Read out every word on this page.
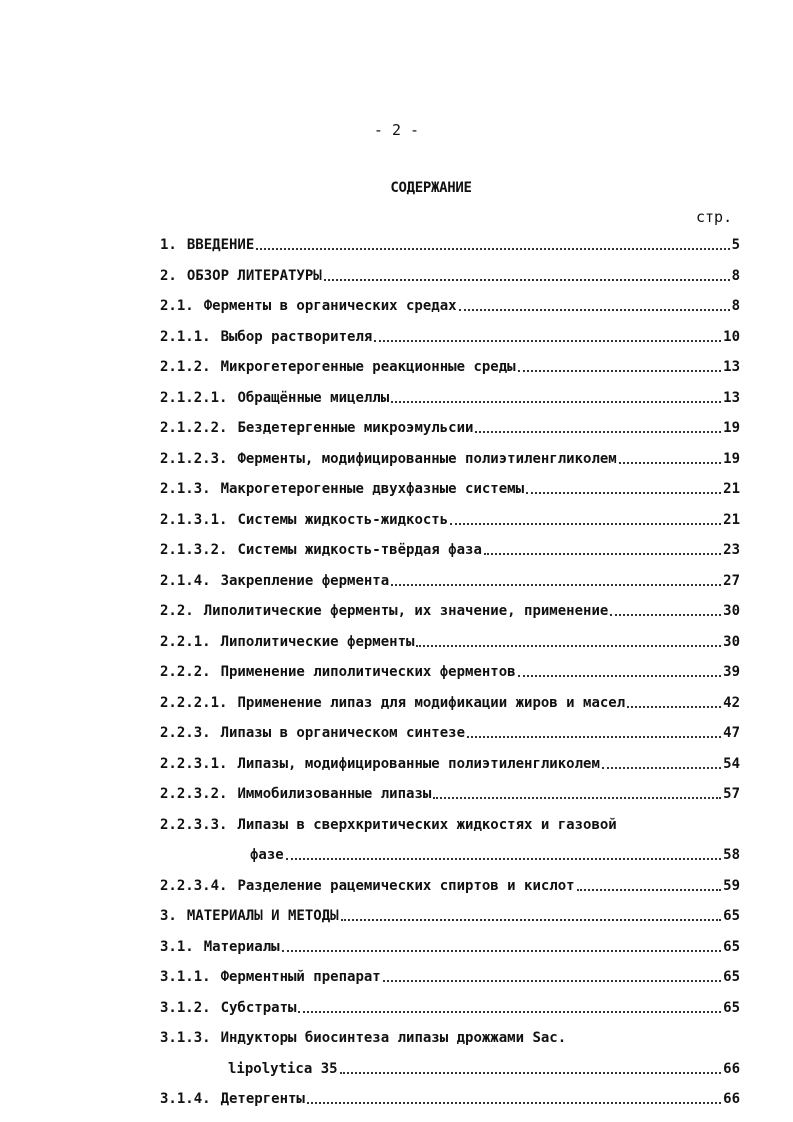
- 2 -
СОДЕРЖАНИЕ
стр.
1. ВВЕДЕНИЕ	5
2. ОБЗОР ЛИТЕРАТУРЫ	8
2.1. Ферменты в органических средах	8
2.1.1. Выбор растворителя	10
2.1.2. Микрогетерогенные реакционные среды	13
2.1.2.1. Обращённые мицеллы	13
2.1.2.2. Бездетергенные микроэмульсии	19
2.1.2.3. Ферменты, модифицированные полиэтиленгликолем	19
2.1.3. Макрогетерогенные двухфазные системы	21
2.1.3.1. Системы жидкость-жидкость	21
2.1.3.2. Системы жидкость-твёрдая фаза	23
2.1.4. Закрепление фермента	27
2.2. Липолитические ферменты, их значение, применение	30
2.2.1. Липолитические ферменты	30
2.2.2. Применение липолитических ферментов	39
2.2.2.1. Применение липаз для модификации жиров и масел	42
2.2.3. Липазы в органическом синтезе	47
2.2.3.1. Липазы, модифицированные полиэтиленгликолем	54
2.2.3.2. Иммобилизованные липазы	57
2.2.3.3. Липазы в сверхкритических жидкостях и газовой
фазе	58
2.2.3.4. Разделение рацемических спиртов и кислот	59
3. МАТЕРИАЛЫ И МЕТОДЫ	65
3.1. Материалы	65
3.1.1. Ферментный препарат	65
3.1.2. Субстраты	65
3.1.3. Индукторы биосинтеза липазы дрожжами Sac.
lipolytica 35	66
3.1.4. Детергенты	66
